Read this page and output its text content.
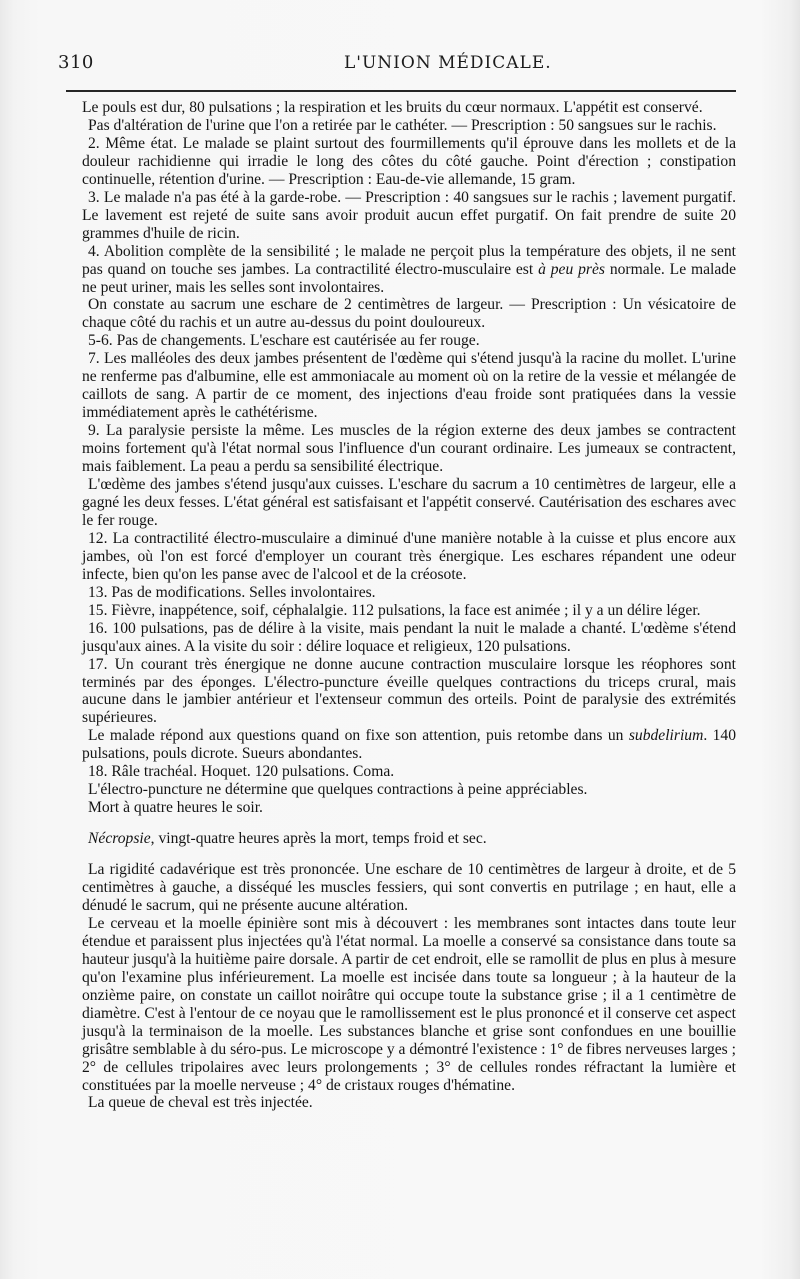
310	L'UNION MÉDICALE.

Le pouls est dur, 80 pulsations ; la respiration et les bruits du cœur normaux. L'appétit est conservé.

Pas d'altération de l'urine que l'on a retirée par le cathéter. — Prescription : 50 sangsues sur le rachis.

2. Même état. Le malade se plaint surtout des fourmillements qu'il éprouve dans les mollets et de la douleur rachidienne qui irradie le long des côtes du côté gauche. Point d'érection ; constipation continuelle, rétention d'urine. — Prescription : Eau-de-vie allemande, 15 gram.

3. Le malade n'a pas été à la garde-robe. — Prescription : 40 sangsues sur le rachis ; lavement purgatif. Le lavement est rejeté de suite sans avoir produit aucun effet purgatif. On fait prendre de suite 20 grammes d'huile de ricin.

4. Abolition complète de la sensibilité ; le malade ne perçoit plus la température des objets, il ne sent pas quand on touche ses jambes. La contractilité électro-musculaire est à peu près normale. Le malade ne peut uriner, mais les selles sont involontaires.

On constate au sacrum une eschare de 2 centimètres de largeur. — Prescription : Un vésicatoire de chaque côté du rachis et un autre au-dessus du point douloureux.

5-6. Pas de changements. L'eschare est cautérisée au fer rouge.

7. Les malléoles des deux jambes présentent de l'œdème qui s'étend jusqu'à la racine du mollet. L'urine ne renferme pas d'albumine, elle est ammoniacale au moment où on la retire de la vessie et mélangée de caillots de sang. A partir de ce moment, des injections d'eau froide sont pratiquées dans la vessie immédiatement après le cathétérisme.

9. La paralysie persiste la même. Les muscles de la région externe des deux jambes se contractent moins fortement qu'à l'état normal sous l'influence d'un courant ordinaire. Les jumeaux se contractent, mais faiblement. La peau a perdu sa sensibilité électrique.

L'œdème des jambes s'étend jusqu'aux cuisses. L'eschare du sacrum a 10 centimètres de largeur, elle a gagné les deux fesses. L'état général est satisfaisant et l'appétit conservé. Cautérisation des eschares avec le fer rouge.

12. La contractilité électro-musculaire a diminué d'une manière notable à la cuisse et plus encore aux jambes, où l'on est forcé d'employer un courant très énergique. Les eschares répandent une odeur infecte, bien qu'on les panse avec de l'alcool et de la créosote.

13. Pas de modifications. Selles involontaires.

15. Fièvre, inappétence, soif, céphalalgie. 112 pulsations, la face est animée ; il y a un délire léger.

16. 100 pulsations, pas de délire à la visite, mais pendant la nuit le malade a chanté. L'œdème s'étend jusqu'aux aines. A la visite du soir : délire loquace et religieux, 120 pulsations.

17. Un courant très énergique ne donne aucune contraction musculaire lorsque les réophores sont terminés par des éponges. L'électro-puncture éveille quelques contractions du triceps crural, mais aucune dans le jambier antérieur et l'extenseur commun des orteils. Point de paralysie des extrémités supérieures.

Le malade répond aux questions quand on fixe son attention, puis retombe dans un subdelirium. 140 pulsations, pouls dicrote. Sueurs abondantes.

18. Râle trachéal. Hoquet. 120 pulsations. Coma.

L'électro-puncture ne détermine que quelques contractions à peine appréciables.

Mort à quatre heures le soir.

Nécropsie, vingt-quatre heures après la mort, temps froid et sec.

La rigidité cadavérique est très prononcée. Une eschare de 10 centimètres de largeur à droite, et de 5 centimètres à gauche, a disséqué les muscles fessiers, qui sont convertis en putrilage ; en haut, elle a dénudé le sacrum, qui ne présente aucune altération.

Le cerveau et la moelle épinière sont mis à découvert : les membranes sont intactes dans toute leur étendue et paraissent plus injectées qu'à l'état normal. La moelle a conservé sa consistance dans toute sa hauteur jusqu'à la huitième paire dorsale. A partir de cet endroit, elle se ramollit de plus en plus à mesure qu'on l'examine plus inférieurement. La moelle est incisée dans toute sa longueur ; à la hauteur de la onzième paire, on constate un caillot noirâtre qui occupe toute la substance grise ; il a 1 centimètre de diamètre. C'est à l'entour de ce noyau que le ramollissement est le plus prononcé et il conserve cet aspect jusqu'à la terminaison de la moelle. Les substances blanche et grise sont confondues en une bouillie grisâtre semblable à du séro-pus. Le microscope y a démontré l'existence : 1° de fibres nerveuses larges ; 2° de cellules tripolaires avec leurs prolongements ; 3° de cellules rondes réfractant la lumière et constituées par la moelle nerveuse ; 4° de cristaux rouges d'hématine.

La queue de cheval est très injectée.
